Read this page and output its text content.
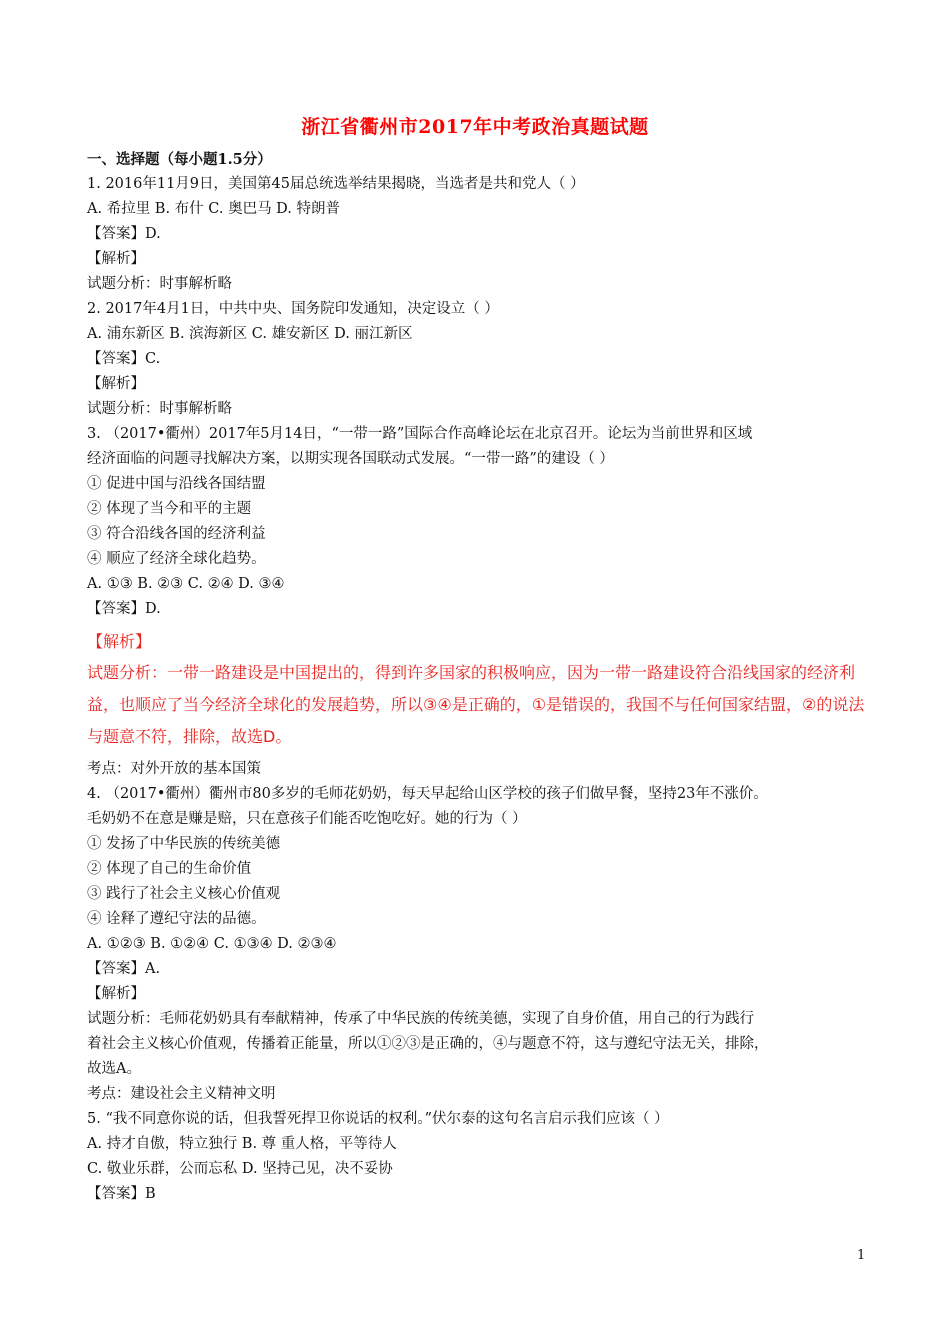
浙江省衢州市2017年中考政治真题试题
一、选择题（每小题1.5分）
1. 2016年11月9日，美国第45届总统选举结果揭晓，当选者是共和党人（ ）
A. 希拉里 B. 布什 C. 奥巴马 D. 特朗普
【答案】D.
【解析】
试题分析：时事解析略
2. 2017年4月1日，中共中央、国务院印发通知，决定设立（ ）
A. 浦东新区 B. 滨海新区 C. 雄安新区 D. 丽江新区
【答案】C.
【解析】
试题分析：时事解析略
3. （2017•衢州）2017年5月14日，“一带一路”国际合作高峰论坛在北京召开。论坛为当前世界和区域
经济面临的问题寻找解决方案，以期实现各国联动式发展。“一带一路”的建设（ ）
① 促进中国与沿线各国结盟
② 体现了当今和平的主题
③ 符合沿线各国的经济利益
④ 顺应了经济全球化趋势。
A. ①③ B. ②③ C. ②④ D. ③④
【答案】D.
【解析】
试题分析：一带一路建设是中国提出的，得到许多国家的积极响应，因为一带一路建设符合沿线国家的经济利益，也顺应了当今经济全球化的发展趋势，所以③④是正确的，①是错误的，我国不与任何国家结盟，②的说法与题意不符，排除，故选D。
考点：对外开放的基本国策
4. （2017•衢州）衢州市80多岁的毛师花奶奶，每天早起给山区学校的孩子们做早餐，坚持23年不涨价。
毛奶奶不在意是赚是赔，只在意孩子们能否吃饱吃好。她的行为（ ）
① 发扬了中华民族的传统美德
② 体现了自己的生命价值
③ 践行了社会主义核心价值观
④ 诠释了遵纪守法的品德。
A. ①②③ B. ①②④ C. ①③④ D. ②③④
【答案】A.
【解析】
试题分析：毛师花奶奶具有奉献精神，传承了中华民族的传统美德，实现了自身价值，用自己的行为践行
着社会主义核心价值观，传播着正能量，所以①②③是正确的，④与题意不符，这与遵纪守法无关，排除，
故选A。
考点：建设社会主义精神文明
5. “我不同意你说的话，但我誓死捍卫你说话的权利。”伏尔泰的这句名言启示我们应该（ ）
A. 持才自傲，特立独行 B. 尊 重人格，平等待人
C. 敬业乐群，公而忘私 D. 坚持己见，决不妥协
【答案】B
1
